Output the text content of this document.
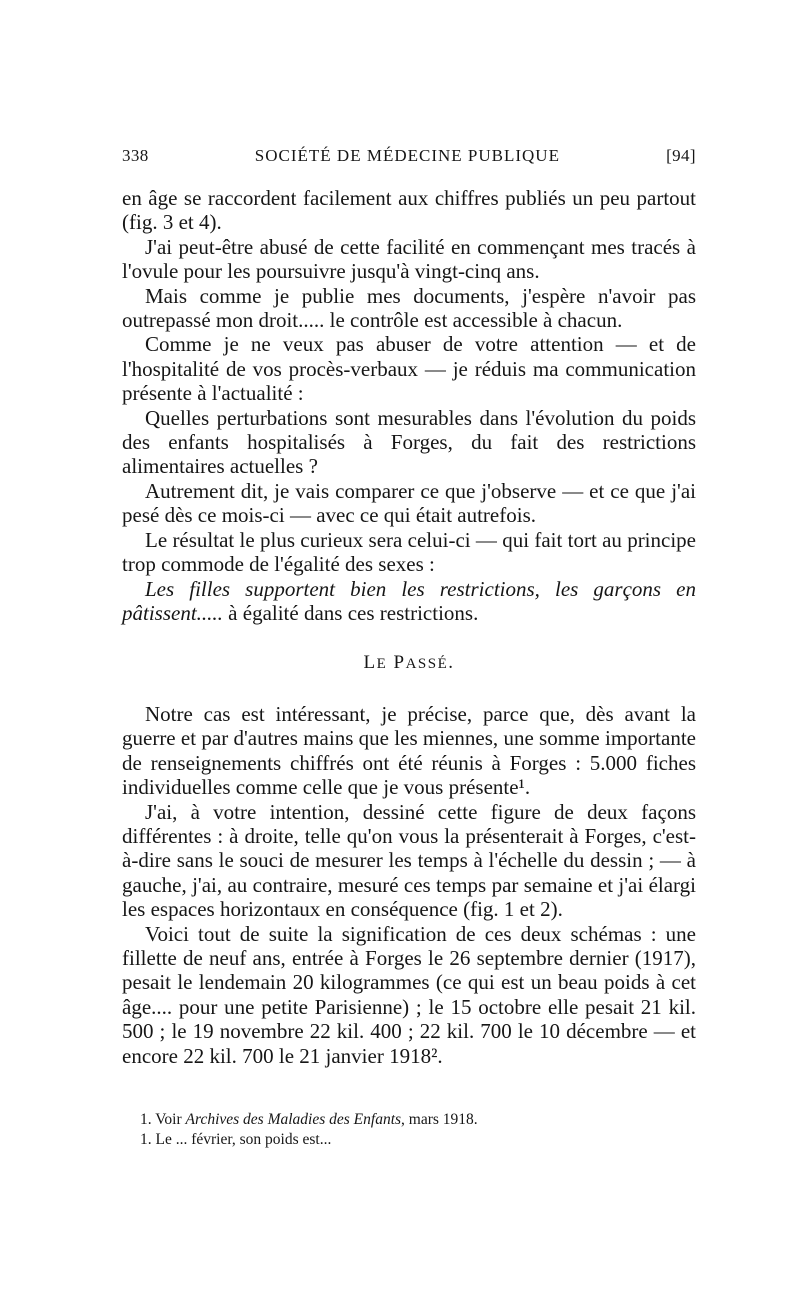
338	SOCIÉTÉ DE MÉDECINE PUBLIQUE	[94]

en âge se raccordent facilement aux chiffres publiés un peu partout (fig. 3 et 4).

J'ai peut-être abusé de cette facilité en commençant mes tracés à l'ovule pour les poursuivre jusqu'à vingt-cinq ans.

Mais comme je publie mes documents, j'espère n'avoir pas outrepassé mon droit..... le contrôle est accessible à chacun.

Comme je ne veux pas abuser de votre attention — et de l'hospitalité de vos procès-verbaux — je réduis ma communication présente à l'actualité :

Quelles perturbations sont mesurables dans l'évolution du poids des enfants hospitalisés à Forges, du fait des restrictions alimentaires actuelles ?

Autrement dit, je vais comparer ce que j'observe — et ce que j'ai pesé dès ce mois-ci — avec ce qui était autrefois.

Le résultat le plus curieux sera celui-ci — qui fait tort au principe trop commode de l'égalité des sexes :

Les filles supportent bien les restrictions, les garçons en pâtissent..... à égalité dans ces restrictions.

LE PASSÉ.

Notre cas est intéressant, je précise, parce que, dès avant la guerre et par d'autres mains que les miennes, une somme importante de renseignements chiffrés ont été réunis à Forges : 5.000 fiches individuelles comme celle que je vous présente¹.

J'ai, à votre intention, dessiné cette figure de deux façons différentes : à droite, telle qu'on vous la présenterait à Forges, c'est-à-dire sans le souci de mesurer les temps à l'échelle du dessin ; — à gauche, j'ai, au contraire, mesuré ces temps par semaine et j'ai élargi les espaces horizontaux en conséquence (fig. 1 et 2).

Voici tout de suite la signification de ces deux schémas : une fillette de neuf ans, entrée à Forges le 26 septembre dernier (1917), pesait le lendemain 20 kilogrammes (ce qui est un beau poids à cet âge.... pour une petite Parisienne) ; le 15 octobre elle pesait 21 kil. 500 ; le 19 novembre 22 kil. 400 ; 22 kil. 700 le 10 décembre — et encore 22 kil. 700 le 21 janvier 1918².

1. Voir Archives des Maladies des Enfants, mars 1918.
1. Le ... février, son poids est...
